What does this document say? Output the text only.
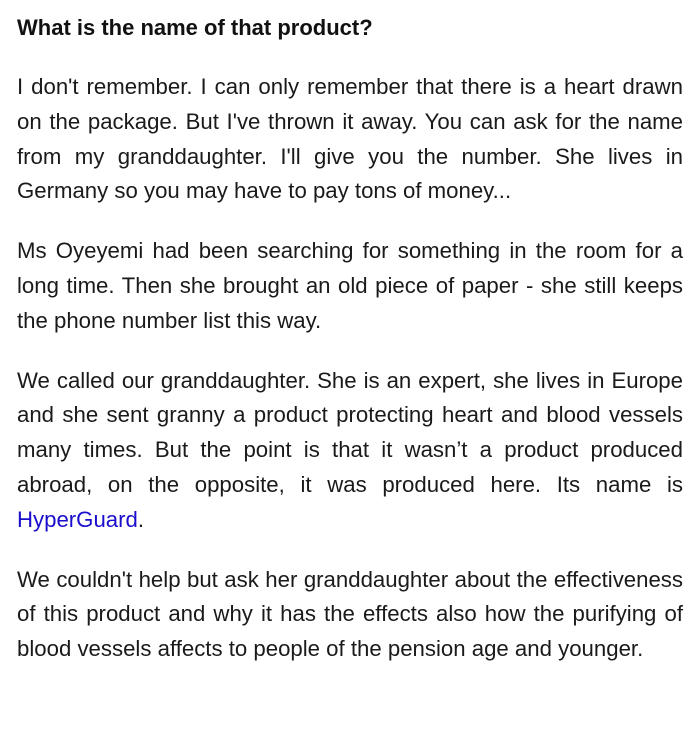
What is the name of that product?

I don't remember. I can only remember that there is a heart drawn on the package. But I've thrown it away. You can ask for the name from my granddaughter. I'll give you the number. She lives in Germany so you may have to pay tons of money...

Ms Oyeyemi had been searching for something in the room for a long time. Then she brought an old piece of paper - she still keeps the phone number list this way.

We called our granddaughter. She is an expert, she lives in Europe and she sent granny a product protecting heart and blood vessels many times. But the point is that it wasn’t a product produced abroad, on the opposite, it was produced here. Its name is HyperGuard.

We couldn't help but ask her granddaughter about the effectiveness of this product and why it has the effects also how the purifying of blood vessels affects to people of the pension age and younger.
